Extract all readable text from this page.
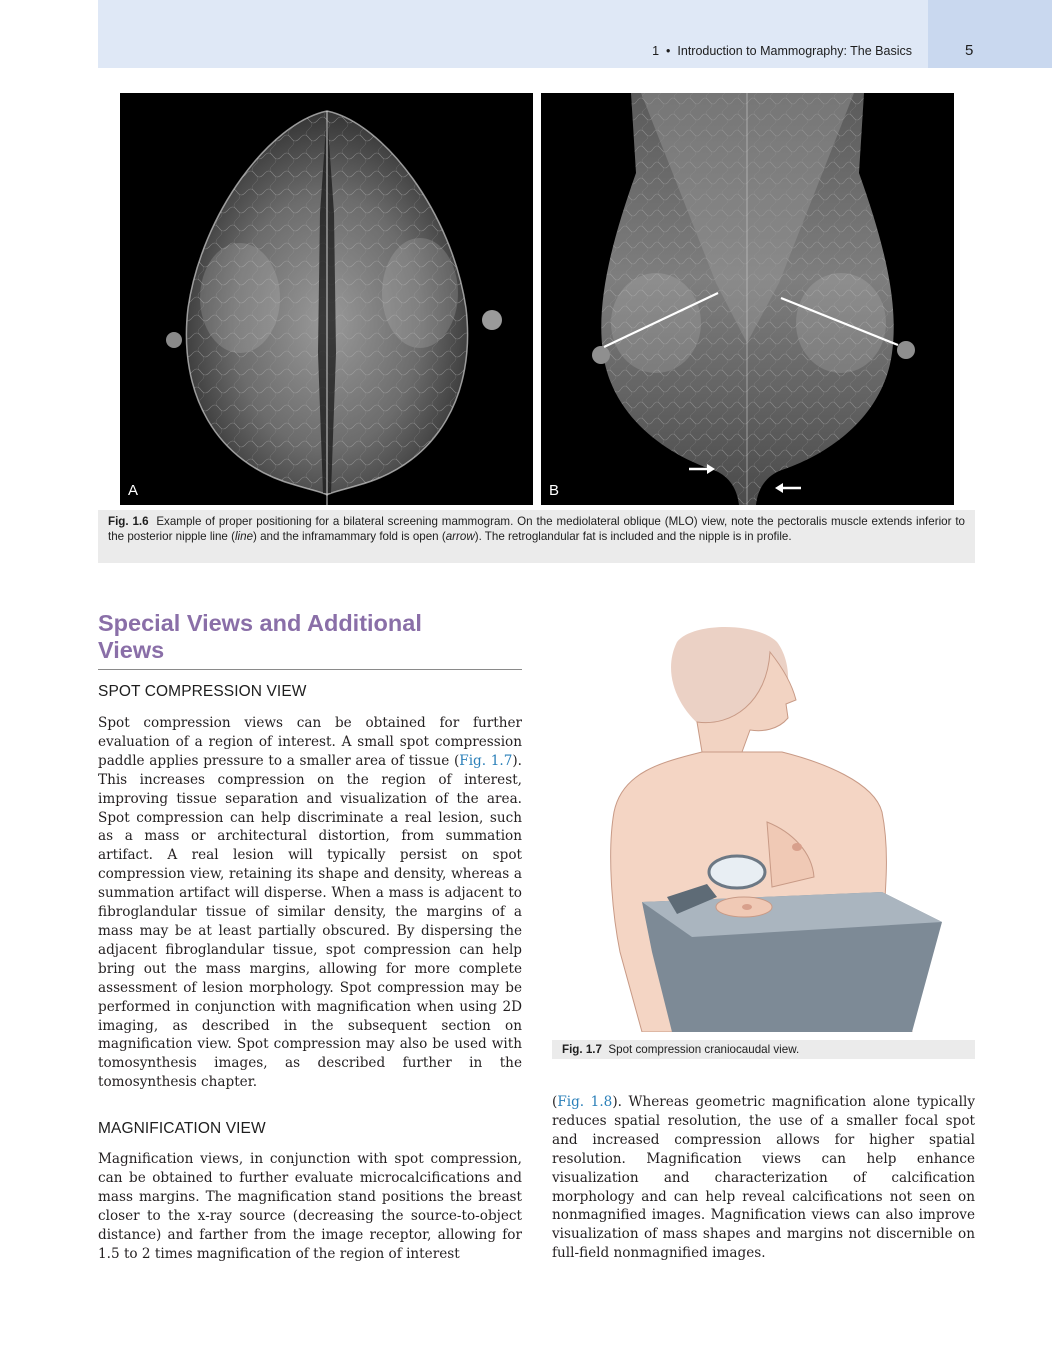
1 • Introduction to Mammography: The Basics	5
A	B
Fig. 1.6 Example of proper positioning for a bilateral screening mammogram. On the mediolateral oblique (MLO) view, note the pectoralis muscle extends inferior to the posterior nipple line (line) and the inframammary fold is open (arrow). The retroglandular fat is included and the nipple is in profile.
Special Views and Additional
Views
SPOT COMPRESSION VIEW

Spot compression views can be obtained for further evaluation of a region of interest. A small spot compression paddle applies pressure to a smaller area of tissue (Fig. 1.7). This increases compression on the region of interest, improving tissue separation and visualization of the area. Spot compression can help discriminate a real lesion, such as a mass or architectural distortion, from summation artifact. A real lesion will typically persist on spot compression view, retaining its shape and density, whereas a summation artifact will disperse. When a mass is adjacent to fibroglandular tissue of similar density, the margins of a mass may be at least partially obscured. By dispersing the adjacent fibroglandular tissue, spot compression can help bring out the mass margins, allowing for more complete assessment of lesion morphology. Spot compression may be performed in conjunction with magnification when using 2D imaging, as described in the subsequent section on magnification view. Spot compression may also be used with tomosynthesis images, as described further in the tomosynthesis chapter.

MAGNIFICATION VIEW

Magnification views, in conjunction with spot compression, can be obtained to further evaluate microcalcifications and mass margins. The magnification stand positions the breast closer to the x-ray source (decreasing the source-to-object distance) and farther from the image receptor, allowing for 1.5 to 2 times magnification of the region of interest

Fig. 1.7 Spot compression craniocaudal view.

(Fig. 1.8). Whereas geometric magnification alone typically reduces spatial resolution, the use of a smaller focal spot and increased compression allows for higher spatial resolution. Magnification views can help enhance visualization and characterization of calcification morphology and can help reveal calcifications not seen on nonmagnified images. Magnification views can also improve visualization of mass shapes and margins not discernible on full-field nonmagnified images.
